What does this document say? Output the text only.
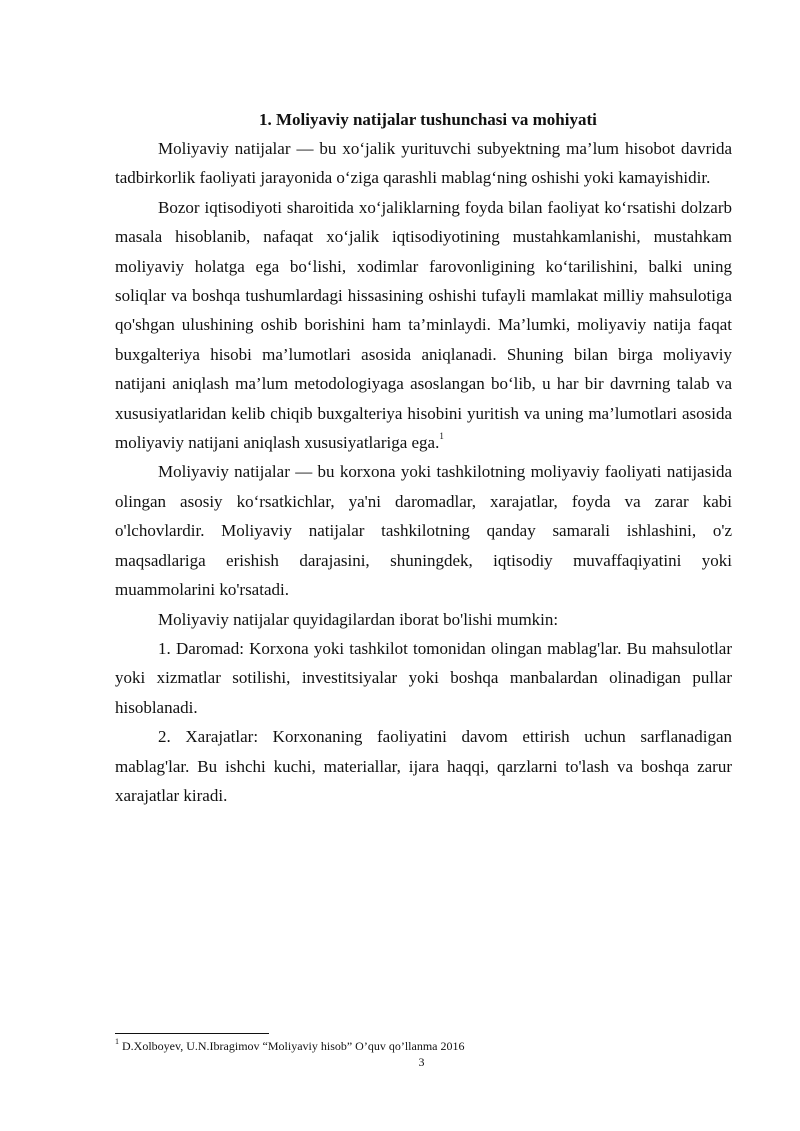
1. Moliyaviy natijalar tushunchasi va mohiyati

Moliyaviy natijalar — bu xo‘jalik yurituvchi subyektning ma’lum hisobot davrida tadbirkorlik faoliyati jarayonida o‘ziga qarashli mablag‘ning oshishi yoki kamayishidir.

Bozor iqtisodiyoti sharoitida xo‘jaliklarning foyda bilan faoliyat ko‘rsatishi dolzarb masala hisoblanib, nafaqat xo‘jalik iqtisodiyotining mustahkamlanishi, mustahkam moliyaviy holatga ega bo‘lishi, xodimlar farovonligining ko‘tarilishini, balki uning soliqlar va boshqa tushumlardagi hissasining oshishi tufayli mamlakat milliy mahsulotiga qo'shgan ulushining oshib borishini ham ta’minlaydi. Ma’lumki, moliyaviy natija faqat buxgalteriya hisobi ma’lumotlari asosida aniqlanadi. Shuning bilan birga moliyaviy natijani aniqlash ma’lum metodologiyaga asoslangan bo‘lib, u har bir davrning talab va xususiyatlaridan kelib chiqib buxgalteriya hisobini yuritish va uning ma’lumotlari asosida moliyaviy natijani aniqlash xususiyatlariga ega.$^1$

Moliyaviy natijalar — bu korxona yoki tashkilotning moliyaviy faoliyati natijasida olingan asosiy ko‘rsatkichlar, ya'ni daromadlar, xarajatlar, foyda va zarar kabi o'lchovlardir. Moliyaviy natijalar tashkilotning qanday samarali ishlashini, o'z maqsadlariga erishish darajasini, shuningdek, iqtisodiy muvaffaqiyatini yoki muammolarini ko'rsatadi.

Moliyaviy natijalar quyidagilardan iborat bo'lishi mumkin:

1. Daromad: Korxona yoki tashkilot tomonidan olingan mablag'lar. Bu mahsulotlar yoki xizmatlar sotilishi, investitsiyalar yoki boshqa manbalardan olinadigan pullar hisoblanadi.

2. Xarajatlar: Korxonaning faoliyatini davom ettirish uchun sarflanadigan mablag'lar. Bu ishchi kuchi, materiallar, ijara haqqi, qarzlarni to'lash va boshqa zarur xarajatlar kiradi.

$^1$ D.Xolboyev, U.N.Ibragimov “Moliyaviy hisob” O’quv qo’llanma 2016
3
